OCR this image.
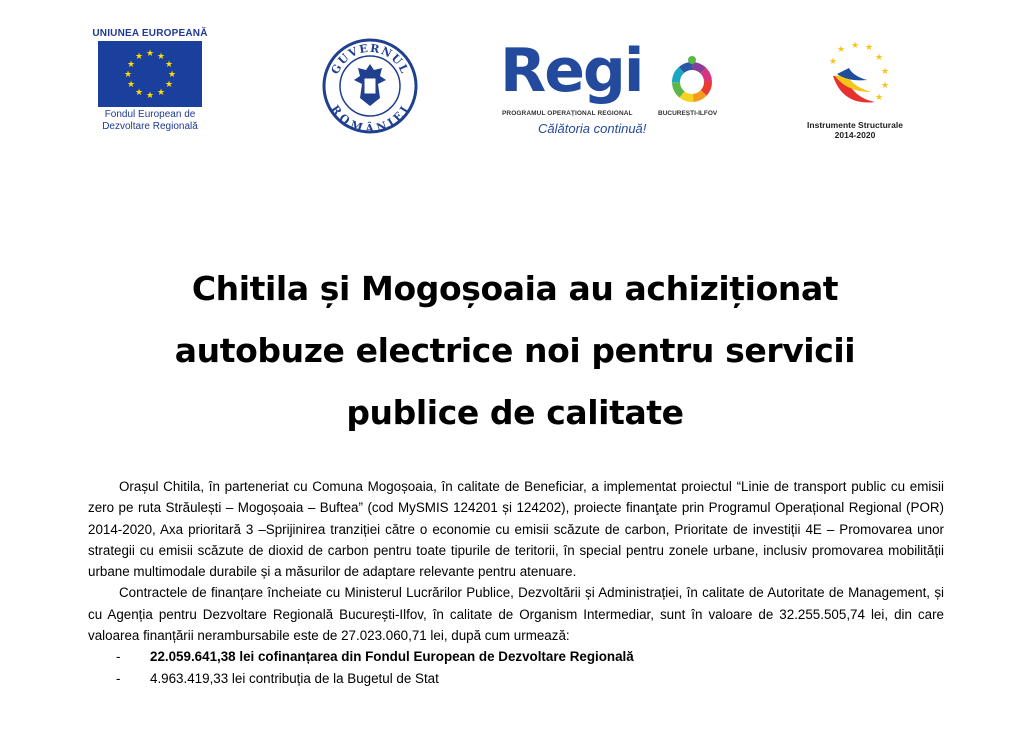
UNIUNEA EUROPEANĂ
★ ★
★
★
★
★
★
★
★
★
★
★
Fondul European de
Dezvoltare Regională
GUVERNUL
ROMÂNIEI
Regi
PROGRAMUL OPERAȚIONAL REGIONAL	BUCUREȘTI-ILFOV
Călătoria continuă!
★ ★
★
★
★
★
★
★
Instrumente Structurale
2014-2020
Chitila și Mogoșoaia au achiziționat
autobuze electrice noi pentru servicii
publice de calitate

Orașul Chitila, în parteneriat cu Comuna Mogoșoaia, în calitate de Beneficiar, a implementat proiectul “Linie de transport public cu emisii zero pe ruta Străulești – Mogoșoaia – Buftea” (cod MySMIS 124201 și 124202), proiecte finanţate prin Programul Operațional Regional (POR) 2014-2020, Axa prioritară 3 –Sprijinirea tranziției către o economie cu emisii scăzute de carbon, Prioritate de investiții 4E – Promovarea unor strategii cu emisii scăzute de dioxid de carbon pentru toate tipurile de teritorii, în special pentru zonele urbane, inclusiv promovarea mobilității urbane multimodale durabile și a măsurilor de adaptare relevante pentru atenuare.

Contractele de finanțare încheiate cu Ministerul Lucrărilor Publice, Dezvoltării și Administrației, în calitate de Autoritate de Management, și cu Agenția pentru Dezvoltare Regională București-Ilfov, în calitate de Organism Intermediar, sunt în valoare de 32.255.505,74 lei, din care valoarea finanțării nerambursabile este de 27.023.060,71 lei, după cum urmează:

- 22.059.641,38 lei cofinanțarea din Fondul European de Dezvoltare Regională
- 4.963.419,33 lei contribuția de la Bugetul de Stat
